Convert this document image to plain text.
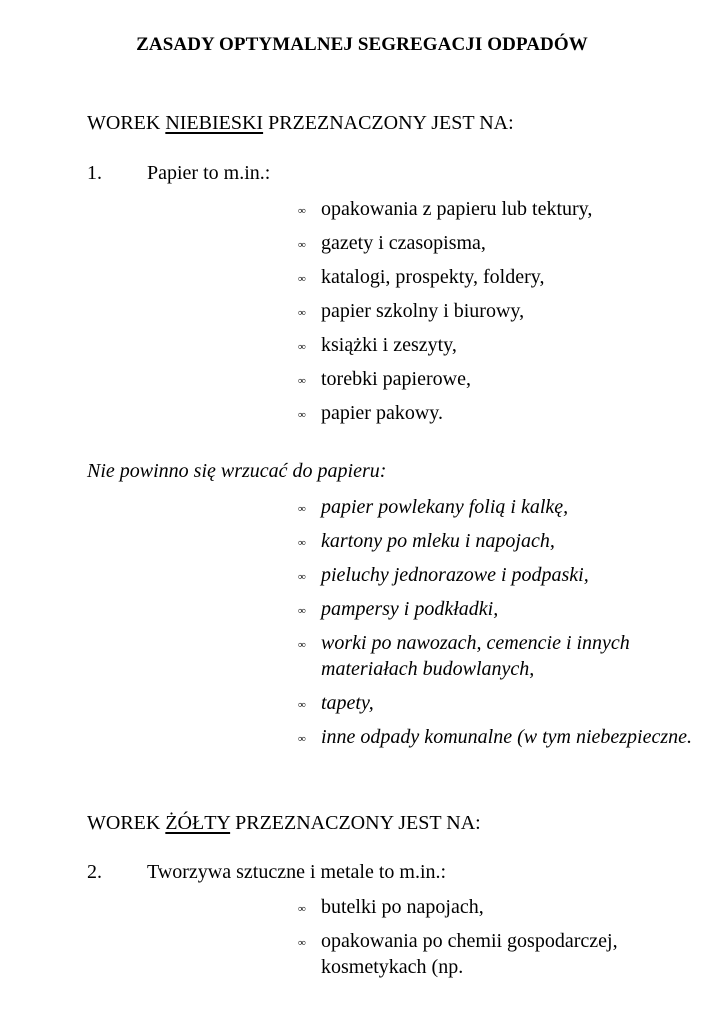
ZASADY OPTYMALNEJ SEGREGACJI ODPADÓW

WOREK NIEBIESKI PRZEZNACZONY JEST NA:

1. Papier to m.in.:
∞ opakowania z papieru lub tektury,
∞ gazety i czasopisma,
∞ katalogi, prospekty, foldery,
∞ papier szkolny i biurowy,
∞ książki i zeszyty,
∞ torebki papierowe,
∞ papier pakowy.
Nie powinno się wrzucać do papieru:
∞ papier powlekany folią i kalkę,
∞ kartony po mleku i napojach,
∞ pieluchy jednorazowe i podpaski,
∞ pampersy i podkładki,
∞ worki po nawozach, cemencie i innych materiałach budowlanych,
∞ tapety,
∞ inne odpady komunalne (w tym niebezpieczne.

WOREK ŻÓŁTY PRZEZNACZONY JEST NA:

2. Tworzywa sztuczne i metale to m.in.:
∞ butelki po napojach,
∞ opakowania po chemii gospodarczej, kosmetykach (np.
